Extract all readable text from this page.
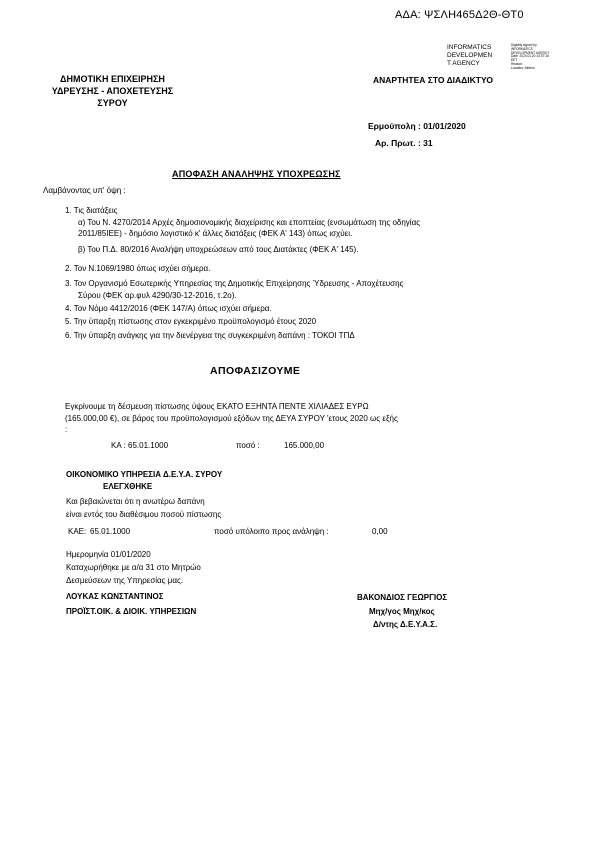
ΑΔΑ: ΨΣΛΗ465Δ2Θ-ΘΤ0
INFORMATICS
DEVELOPMEN
T AGENCY
Digitally signed by
INFORMATICS
DEVELOPMENT AGENCY
Date: 2020.01.20 13:37:16
EET
Reason:
Location: Athens
ΔΗΜΟΤΙΚΗ ΕΠΙΧΕΙΡΗΣΗ
ΥΔΡΕΥΣΗΣ - ΑΠΟΧΕΤΕΥΣΗΣ
ΣΥΡΟΥ
ΑΝΑΡΤΗΤΕΑ ΣΤΟ ΔΙΑΔΙΚΤΥΟ
Ερμούπολη : 01/01/2020
Αρ. Πρωτ. : 31
ΑΠΟΦΑΣΗ ΑΝΑΛΗΨΗΣ ΥΠΟΧΡΕΩΣΗΣ
Λαμβάνοντας υπ' όψη :
1. Τις διατάξεις
α) Του Ν. 4270/2014 Αρχές δημοσιονομικής διαχείρισης και εποπτείας (ενσωμάτωση της οδηγίας
2011/85ΙΕΕ) - δημόσιο λογιστικό κ' άλλες διατάξεις (ΦΕΚ Α' 143) όπως ισχύει.
β) Του Π.Δ. 80/2016 Αναλήψη υποχρεώσεων από τους Διατάκτες (ΦΕΚ Α' 145).
2. Τον Ν.1069/1980 όπως ισχύει σήμερα.
3. Τον Οργανισμό Εσωτερικής Υπηρεσίας της Δημοτικής Επιχείρησης Ύδρευσης - Αποχέτευσης
Σύρου (ΦΕΚ αρ.φυλ 4290/30-12-2016, τ.2ο).
4. Τον Νόμο 4412/2016 (ΦΕΚ 147/Α) όπως ισχύει σήμερα.
5. Την ύπαρξη πίστωσης στον εγκεκριμένο προϋπολογισμό έτους 2020
6. Την ύπαρξη ανάγκης για την διενέργεια της συγκεκριμένη δαπάνη : ΤΟΚΟΙ ΤΠΔ
ΑΠΟΦΑΣΙΖΟΥΜΕ
Εγκρίνουμε τη δέσμευση πίστωσης ύψους ΕΚΑΤΟ ΕΞΗΝΤΑ ΠΕΝΤΕ ΧΙΛΙΑΔΕΣ ΕΥΡΩ
(165.000,00 €), σε βάρος του προϋπολογισμού εξόδων της ΔΕΥΑ ΣΥΡΟΥ 'ετους 2020 ως εξής
:
ΚΑ : 65.01.1000	ποσό :	165.000,00
ΟΙΚΟΝΟΜΙΚΟ ΥΠΗΡΕΣΙΑ Δ.Ε.Υ.Α. ΣΥΡΟΥ
ΕΛΕΓΧΘΗΚΕ
Και βεβαιώνεται ότι η ανωτέρω δαπάνη
είναι εντός του διαθέσιμου ποσού πίστωσης
ΚΑΕ: 65.01.1000	ποσό υπόλοιπο προς ανάληψη :	0,00
Ημερομηνία 01/01/2020
Καταχωρήθηκε με α/α 31 στο Μητρώο
Δεσμεύσεων της Υπηρεσίας μας.
ΛΟΥΚΑΣ ΚΩΝΣΤΑΝΤΙΝΟΣ
ΠΡΟΪΣΤ.ΟΙΚ. & ΔΙΟΙΚ. ΥΠΗΡΕΣΙΩΝ
ΒΑΚΟΝΔΙΟΣ ΓΕΩΡΓΙΟΣ
Μηχ/γος Μηχ/κος
Δ/ντης Δ.Ε.Υ.Α.Σ.
